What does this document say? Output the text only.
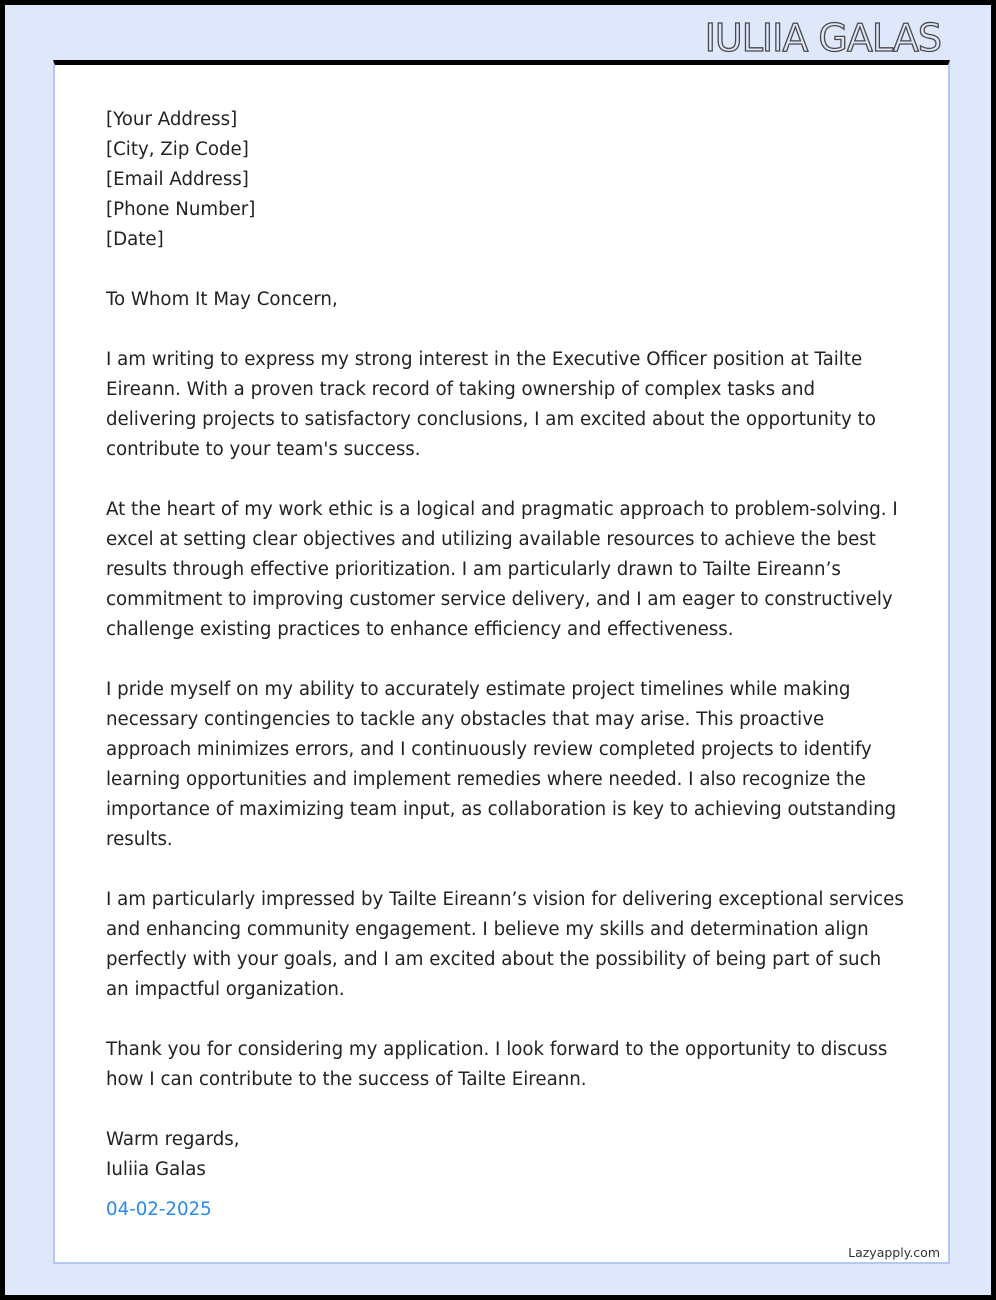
IULIIA GALAS

[Your Address]
[City, Zip Code]
[Email Address]
[Phone Number]
[Date]

To Whom It May Concern,

I am writing to express my strong interest in the Executive Officer position at Tailte Eireann. With a proven track record of taking ownership of complex tasks and delivering projects to satisfactory conclusions, I am excited about the opportunity to contribute to your team's success.

At the heart of my work ethic is a logical and pragmatic approach to problem-solving. I excel at setting clear objectives and utilizing available resources to achieve the best results through effective prioritization. I am particularly drawn to Tailte Eireann’s commitment to improving customer service delivery, and I am eager to constructively challenge existing practices to enhance efficiency and effectiveness.

I pride myself on my ability to accurately estimate project timelines while making necessary contingencies to tackle any obstacles that may arise. This proactive approach minimizes errors, and I continuously review completed projects to identify learning opportunities and implement remedies where needed. I also recognize the importance of maximizing team input, as collaboration is key to achieving outstanding results.

I am particularly impressed by Tailte Eireann’s vision for delivering exceptional services and enhancing community engagement. I believe my skills and determination align perfectly with your goals, and I am excited about the possibility of being part of such an impactful organization.

Thank you for considering my application. I look forward to the opportunity to discuss how I can contribute to the success of Tailte Eireann.

Warm regards,
Iuliia Galas
04-02-2025
Lazyapply.com
